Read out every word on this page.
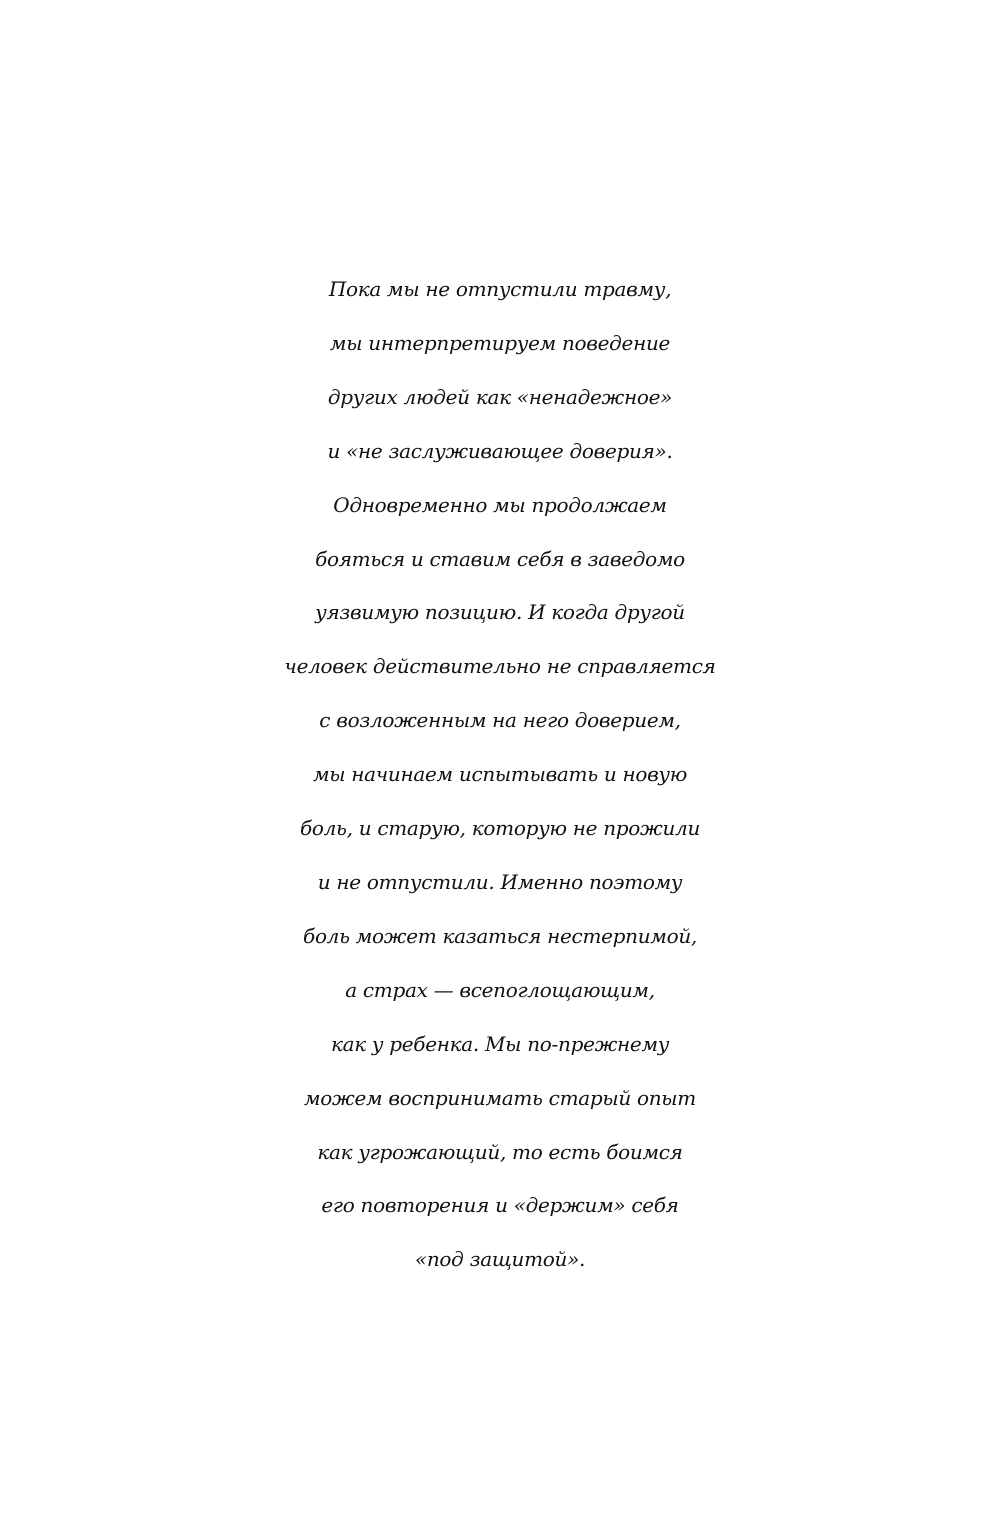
Пока мы не отпустили травму,
мы интерпретируем поведение
других людей как «ненадежное»
и «не заслуживающее доверия».
Одновременно мы продолжаем
бояться и ставим себя в заведомо
уязвимую позицию. И когда другой
человек действительно не справляется
с возложенным на него доверием,
мы начинаем испытывать и новую
боль, и старую, которую не прожили
и не отпустили. Именно поэтому
боль может казаться нестерпимой,
а страх — всепоглощающим,
как у ребенка. Мы по-прежнему
можем воспринимать старый опыт
как угрожающий, то есть боимся
его повторения и «держим» себя
«под защитой».
